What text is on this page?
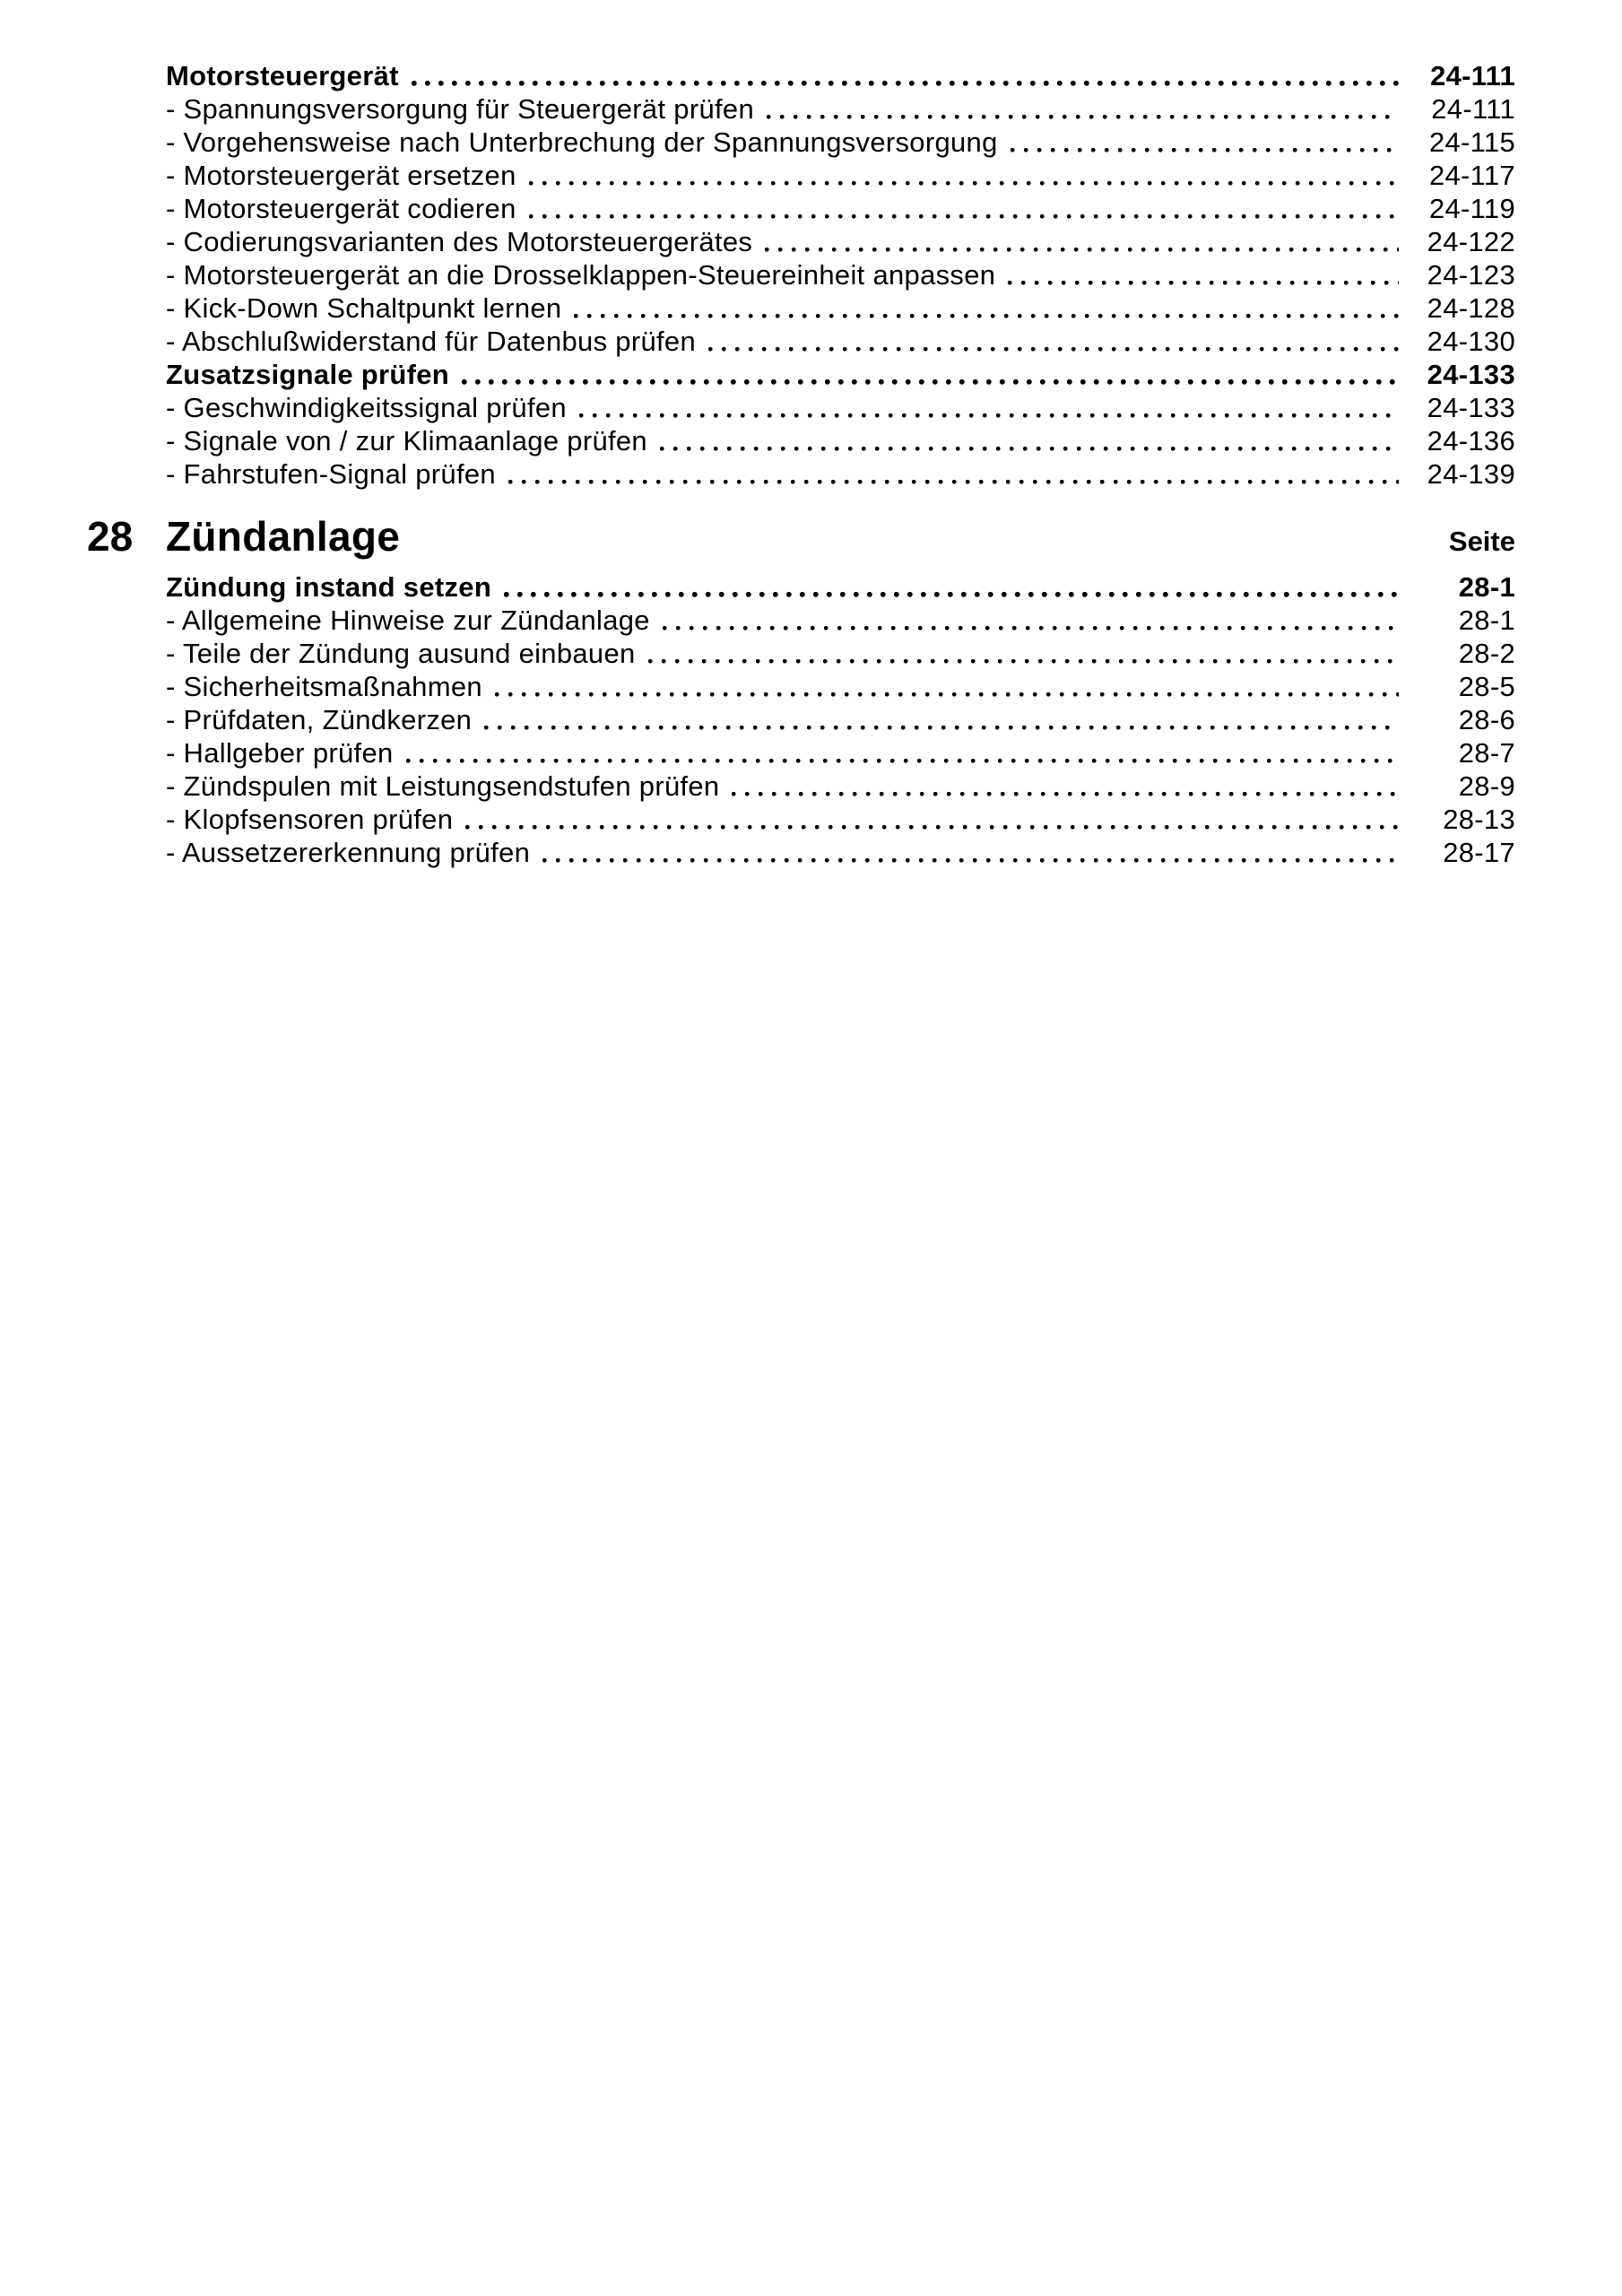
Motorsteuergerät	24-111
- Spannungsversorgung für Steuergerät prüfen	24-111
- Vorgehensweise nach Unterbrechung der Spannungsversorgung	24-115
- Motorsteuergerät ersetzen	24-117
- Motorsteuergerät codieren	24-119
- Codierungsvarianten des Motorsteuergerätes	24-122
- Motorsteuergerät an die Drosselklappen-Steuereinheit anpassen	24-123
- Kick-Down Schaltpunkt lernen	24-128
- Abschlußwiderstand für Datenbus prüfen	24-130
Zusatzsignale prüfen	24-133
- Geschwindigkeitssignal prüfen	24-133
- Signale von / zur Klimaanlage prüfen	24-136
- Fahrstufen-Signal prüfen	24-139
28 Zündanlage	Seite
Zündung instand setzen	28-1
- Allgemeine Hinweise zur Zündanlage	28-1
- Teile der Zündung ausund einbauen	28-2
- Sicherheitsmaßnahmen	28-5
- Prüfdaten, Zündkerzen	28-6
- Hallgeber prüfen	28-7
- Zündspulen mit Leistungsendstufen prüfen	28-9
- Klopfsensoren prüfen	28-13
- Aussetzererkennung prüfen	28-17
